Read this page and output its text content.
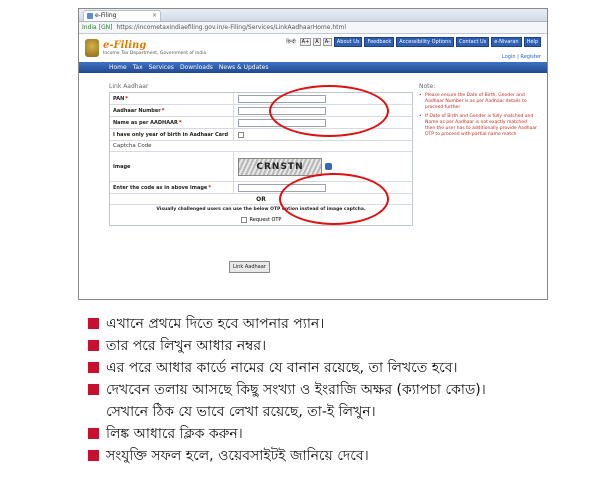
e-Filing	×
India [GN] https://incometaxindiaefiling.gov.in/e-Filing/Services/LinkAadhaarHome.html
e-Filing
Income Tax Department, Government of India
हिन्दी	A+	A	A-	About Us	Feedback	Accessibility Options	Contact Us	e-Nivaran	Help
Login | Register
Home Tax Services Downloads News & Updates
Link Aadhaar
PAN *
Aadhaar Number *
Name as per AADHAAR *
I have only year of birth in Aadhaar Card
Captcha Code
Image	CRNSTN
Enter the code as in above image *
OR
Visually challenged users can use the below OTP option instead of image captcha.
Request OTP
Link Aadhaar
Note:
• Please ensure the Date of Birth, Gender and Aadhaar Number is as per Aadhaar details to proceed further
• If Date of Birth and Gender is fully matched and Name as per Aadhaar is not exactly matched then the user has to additionally provide Aadhaar OTP to proceed with partial name match
এখানে প্রথমে দিতে হবে আপনার প্যান।
তার পরে লিখুন আধার নম্বর।
এর পরে আধার কার্ডে নামের যে বানান রয়েছে, তা লিখতে হবে।
দেখবেন তলায় আসছে কিছু সংখ্যা ও ইংরাজি অক্ষর (ক্যাপচা কোড)।
সেখানে ঠিক যে ভাবে লেখা রয়েছে, তা-ই লিখুন।
লিঙ্ক আধারে ক্লিক করুন।
সংযুক্তি সফল হলে, ওয়েবসাইটই জানিয়ে দেবে।
